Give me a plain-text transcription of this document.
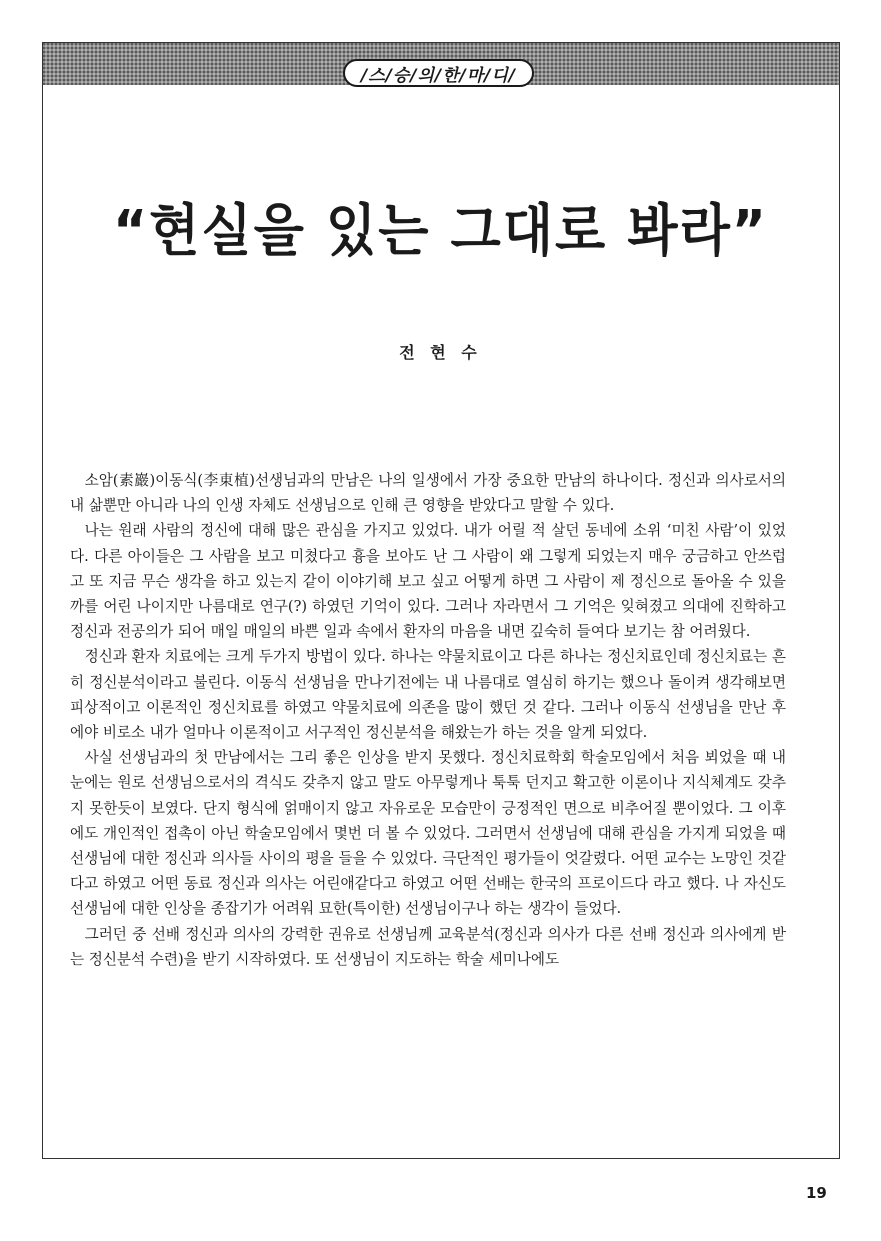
/스/승/의/한/마/디/
“현실을 있는 그대로 봐라”
전 현 수

소암(素巖)이동식(李東植)선생님과의 만남은 나의 일생에서 가장 중요한 만남의 하나이다. 정신과 의사로서의 내 삶뿐만 아니라 나의 인생 자체도 선생님으로 인해 큰 영향을 받았다고 말할 수 있다.

나는 원래 사람의 정신에 대해 많은 관심을 가지고 있었다. 내가 어릴 적 살던 동네에 소위 ‘미친 사람’이 있었다. 다른 아이들은 그 사람을 보고 미쳤다고 흉을 보아도 난 그 사람이 왜 그렇게 되었는지 매우 궁금하고 안쓰럽고 또 지금 무슨 생각을 하고 있는지 같이 이야기해 보고 싶고 어떻게 하면 그 사람이 제 정신으로 돌아올 수 있을까를 어린 나이지만 나름대로 연구(?) 하였던 기억이 있다. 그러나 자라면서 그 기억은 잊혀졌고 의대에 진학하고 정신과 전공의가 되어 매일 매일의 바쁜 일과 속에서 환자의 마음을 내면 깊숙히 들여다 보기는 참 어려웠다.

정신과 환자 치료에는 크게 두가지 방법이 있다. 하나는 약물치료이고 다른 하나는 정신치료인데 정신치료는 흔히 정신분석이라고 불린다. 이동식 선생님을 만나기전에는 내 나름대로 열심히 하기는 했으나 돌이켜 생각해보면 피상적이고 이론적인 정신치료를 하였고 약물치료에 의존을 많이 했던 것 같다. 그러나 이동식 선생님을 만난 후에야 비로소 내가 얼마나 이론적이고 서구적인 정신분석을 해왔는가 하는 것을 알게 되었다.

사실 선생님과의 첫 만남에서는 그리 좋은 인상을 받지 못했다. 정신치료학회 학술모임에서 처음 뵈었을 때 내 눈에는 원로 선생님으로서의 격식도 갖추지 않고 말도 아무렇게나 툭툭 던지고 확고한 이론이나 지식체계도 갖추지 못한듯이 보였다. 단지 형식에 얽매이지 않고 자유로운 모습만이 긍정적인 면으로 비추어질 뿐이었다. 그 이후에도 개인적인 접촉이 아닌 학술모임에서 몇번 더 볼 수 있었다. 그러면서 선생님에 대해 관심을 가지게 되었을 때 선생님에 대한 정신과 의사들 사이의 평을 들을 수 있었다. 극단적인 평가들이 엇갈렸다. 어떤 교수는 노망인 것같다고 하였고 어떤 동료 정신과 의사는 어린애같다고 하였고 어떤 선배는 한국의 프로이드다 라고 했다. 나 자신도 선생님에 대한 인상을 종잡기가 어려워 묘한(특이한) 선생님이구나 하는 생각이 들었다.

그러던 중 선배 정신과 의사의 강력한 권유로 선생님께 교육분석(정신과 의사가 다른 선배 정신과 의사에게 받는 정신분석 수련)을 받기 시작하였다. 또 선생님이 지도하는 학술 세미나에도

19
